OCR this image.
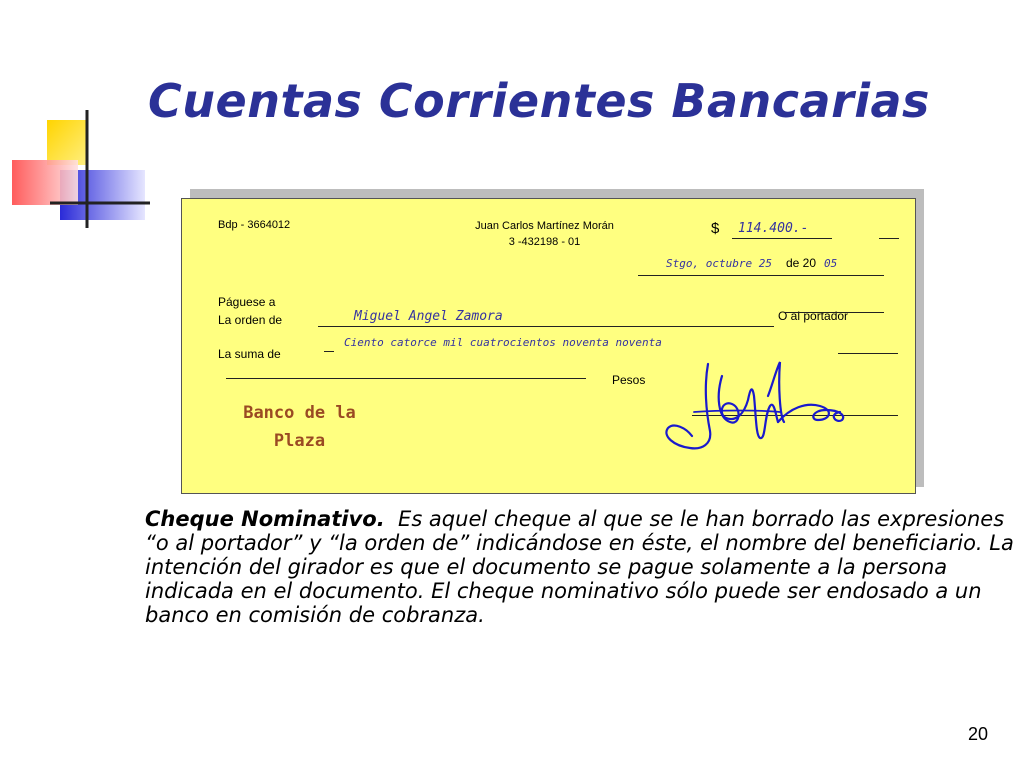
Cuentas Corrientes Bancarias
Bdp - 3664012	Juan Carlos Martínez Morán
3 -432198 - 01
$ 114.400.-
Stgo, octubre 25 de 20 05
Páguese a
La orden de	Miguel Angel Zamora	O al portador
La suma de
Ciento catorce mil cuatrocientos noventa noventa
Pesos
Banco de la
Plaza

Cheque Nominativo. Es aquel cheque al que se le han borrado las expresiones “o al portador” y “la orden de” indicándose en éste, el nombre del beneficiario. La intención del girador es que el documento se pague solamente a la persona indicada en el documento. El cheque nominativo sólo puede ser endosado a un banco en comisión de cobranza.

20
